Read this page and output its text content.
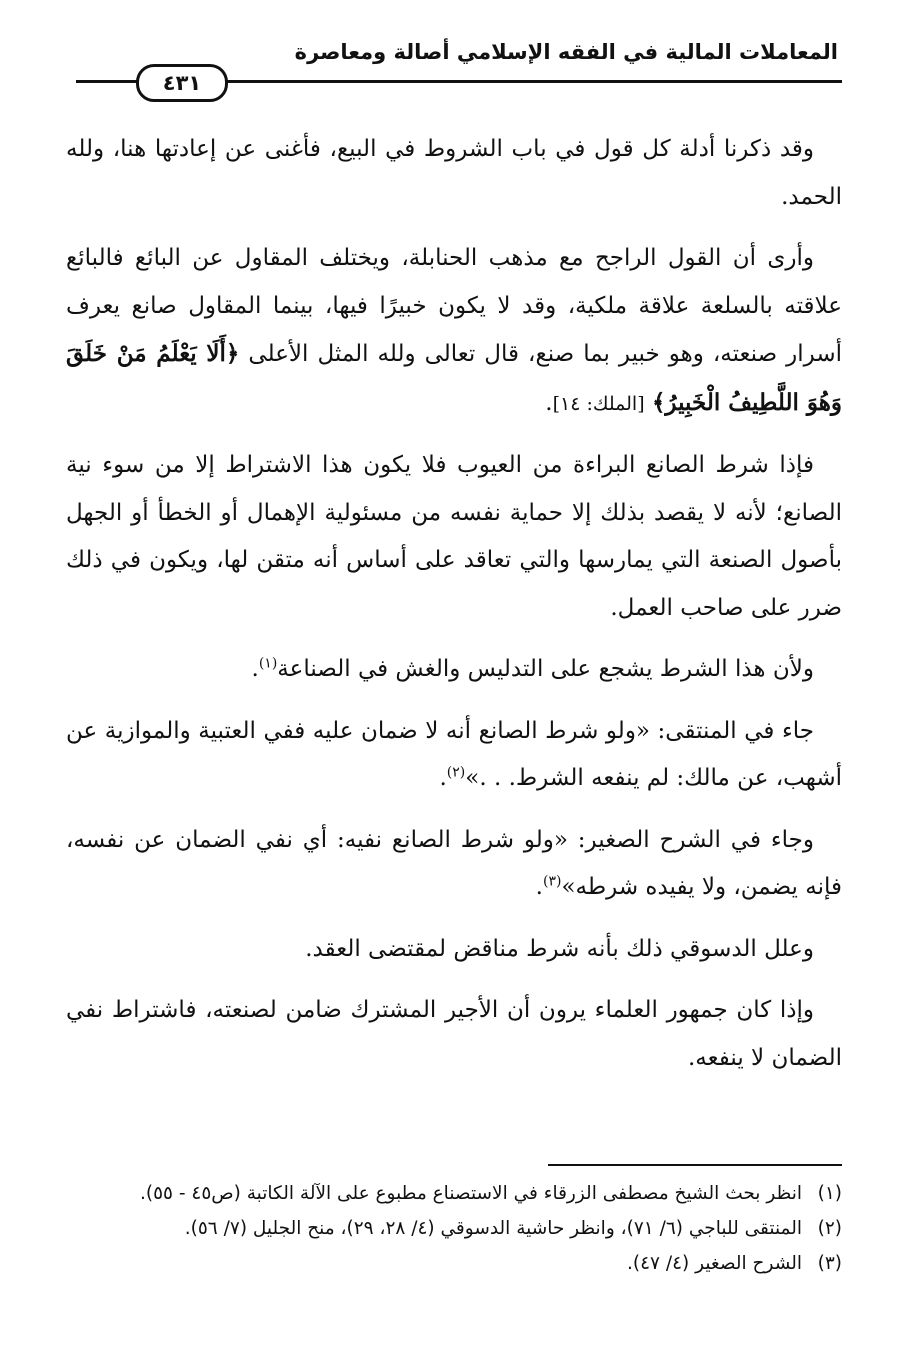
المعاملات المالية في الفقه الإسلامي أصالة ومعاصرة
٤٣١

وقد ذكرنا أدلة كل قول في باب الشروط في البيع، فأغنى عن إعادتها هنا، ولله الحمد.

وأرى أن القول الراجح مع مذهب الحنابلة، ويختلف المقاول عن البائع فالبائع علاقته بالسلعة علاقة ملكية، وقد لا يكون خبيرًا فيها، بينما المقاول صانع يعرف أسرار صنعته، وهو خبير بما صنع، قال تعالى ولله المثل الأعلى ﴿أَلَا يَعْلَمُ مَنْ خَلَقَ وَهُوَ اللَّطِيفُ الْخَبِيرُ﴾ [الملك: ١٤].

فإذا شرط الصانع البراءة من العيوب فلا يكون هذا الاشتراط إلا من سوء نية الصانع؛ لأنه لا يقصد بذلك إلا حماية نفسه من مسئولية الإهمال أو الخطأ أو الجهل بأصول الصنعة التي يمارسها والتي تعاقد على أساس أنه متقن لها، ويكون في ذلك ضرر على صاحب العمل.

ولأن هذا الشرط يشجع على التدليس والغش في الصناعة$^{(١)}$.

جاء في المنتقى: «ولو شرط الصانع أنه لا ضمان عليه ففي العتبية والموازية عن أشهب، عن مالك: لم ينفعه الشرط. . .»$^{(٢)}$.

وجاء في الشرح الصغير: «ولو شرط الصانع نفيه: أي نفي الضمان عن نفسه، فإنه يضمن، ولا يفيده شرطه»$^{(٣)}$.

وعلل الدسوقي ذلك بأنه شرط مناقض لمقتضى العقد.

وإذا كان جمهور العلماء يرون أن الأجير المشترك ضامن لصنعته، فاشتراط نفي الضمان لا ينفعه.

(١)انظر بحث الشيخ مصطفى الزرقاء في الاستصناع مطبوع على الآلة الكاتبة (ص٤٥ - ٥٥).
(٢)المنتقى للباجي (٦/ ٧١)، وانظر حاشية الدسوقي (٤/ ٢٨، ٢٩)، منح الجليل (٧/ ٥٦).
(٣)الشرح الصغير (٤/ ٤٧).
